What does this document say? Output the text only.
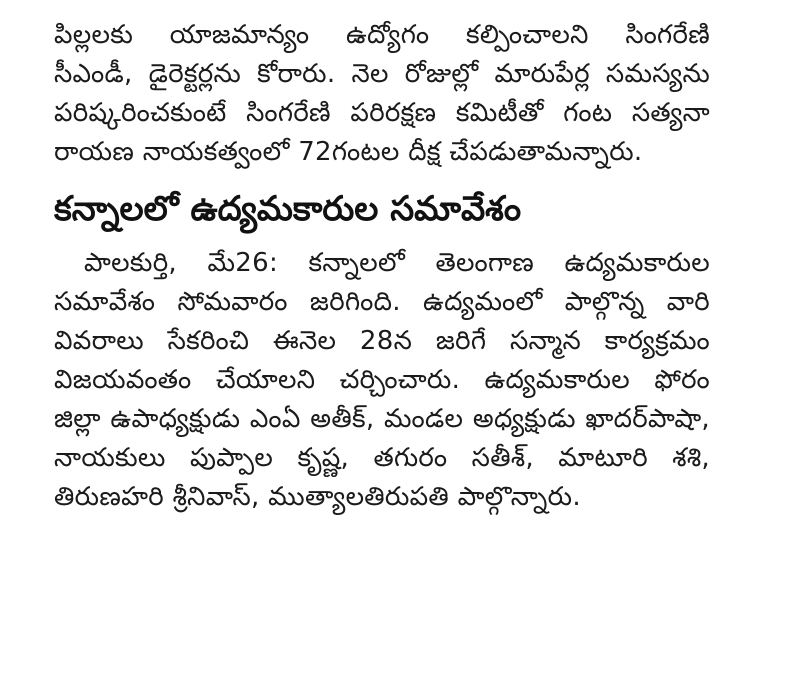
పిల్లలకు యాజమాన్యం ఉద్యోగం కల్పించాలని సింగరేణి
సీఎండీ, డైరెక్టర్లను కోరారు. నెల రోజుల్లో మారుపేర్ల సమస్యను
పరిష్కరించకుంటే సింగరేణి పరిరక్షణ కమిటీతో గంట సత్యనా
రాయణ నాయకత్వంలో 72గంటల దీక్ష చేపడుతామన్నారు.
కన్నాలలో ఉద్యమకారుల సమావేశం
పాలకుర్తి, మే26: కన్నాలలో తెలంగాణ ఉద్యమకారుల
సమావేశం సోమవారం జరిగింది. ఉద్యమంలో పాల్గొన్న వారి
వివరాలు సేకరించి ఈనెల 28న జరిగే సన్మాన కార్యక్రమం
విజయవంతం చేయాలని చర్చించారు. ఉద్యమకారుల ఫోరం
జిల్లా ఉపాధ్యక్షుడు ఎంఏ అతీక్, మండల అధ్యక్షుడు ఖాదర్‌పాషా,
నాయకులు పుప్పాల కృష్ణ, తగురం సతీశ్, మాటూరి శశి,
తిరుణహరి శ్రీనివాస్, ముత్యాలతిరుపతి పాల్గొన్నారు.
